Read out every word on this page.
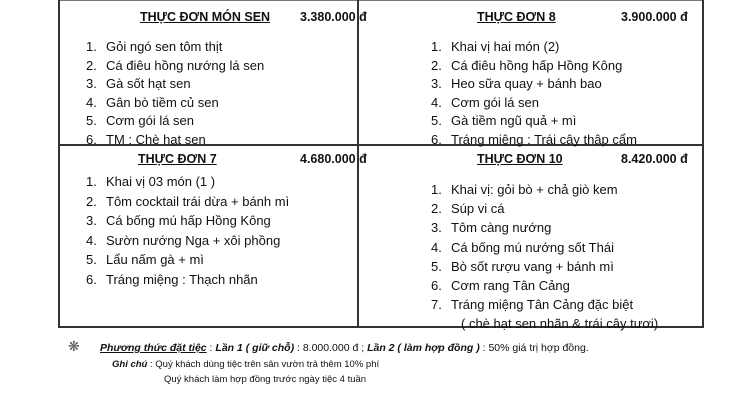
THỰC ĐƠN MÓN SEN 3.380.000 đ
1. Gỏi ngó sen tôm thịt
2. Cá điêu hồng nướng lá sen
3. Gà sốt hạt sen
4. Gân bò tiềm củ sen
5. Cơm gói lá sen
6. TM : Chè hạt sen
THỰC ĐƠN 8	3.900.000 đ
1. Khai vị hai món (2)
2. Cá điêu hồng hấp Hồng Kông
3. Heo sữa quay + bánh bao
4. Cơm gói lá sen
5. Gà tiềm ngũ quả + mì
6. Tráng miệng : Trái cây thập cẩm
THỰC ĐƠN 7	4.680.000 đ
1. Khai vị 03 món (1 )
2. Tôm cocktail trái dừa + bánh mì
3. Cá bống mú hấp Hồng Kông
4. Sườn nướng Nga + xôi phồng
5. Lẩu nấm gà + mì
6. Tráng miệng : Thạch nhãn
THỰC ĐƠN 10	8.420.000 đ
1. Khai vị: gỏi bò + chả giò kem
2. Súp vi cá
3. Tôm càng nướng
4. Cá bống mú nướng sốt Thái
5. Bò sốt rượu vang + bánh mì
6. Cơm rang Tân Cảng
7. Tráng miệng Tân Cảng đặc biệt
( chè hạt sen nhãn & trái cây tươi)
❋ Phương thức đặt tiệc : Lần 1 ( giữ chỗ) : 8.000.000 đ ; Lần 2 ( làm hợp đồng ) : 50% giá trị hợp đồng.
Ghi chú : Quý khách dùng tiệc trên sân vườn trả thêm 10% phí
Quý khách làm hợp đồng trước ngày tiệc 4 tuần
